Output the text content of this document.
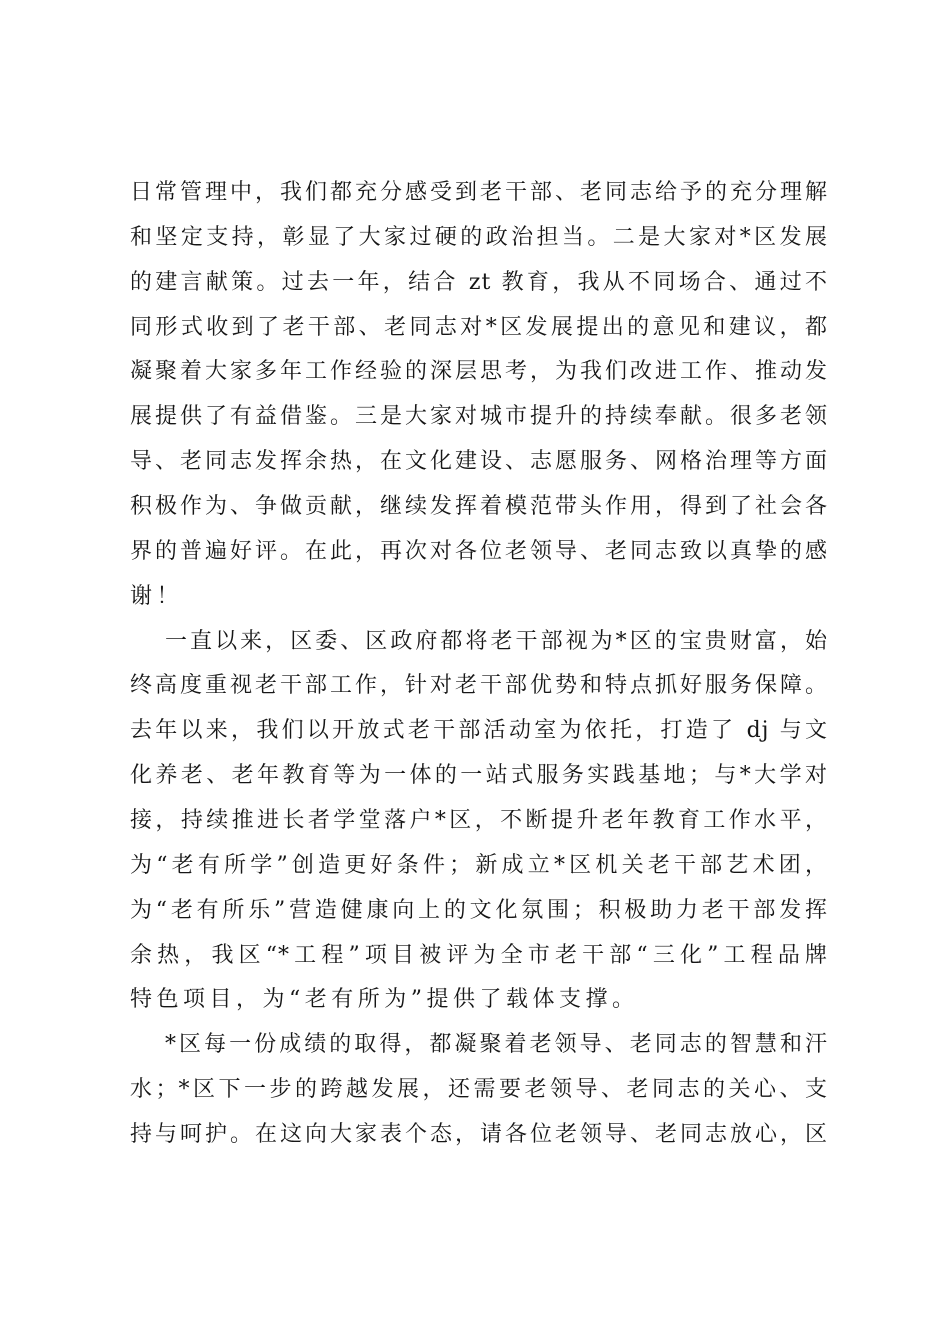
日常管理中，我们都充分感受到老干部、老同志给予的充分理解
和坚定支持，彰显了大家过硬的政治担当。二是大家对*区发展
的建言献策。过去一年，结合 zt 教育，我从不同场合、通过不
同形式收到了老干部、老同志对*区发展提出的意见和建议，都
凝聚着大家多年工作经验的深层思考，为我们改进工作、推动发
展提供了有益借鉴。三是大家对城市提升的持续奉献。很多老领
导、老同志发挥余热，在文化建设、志愿服务、网格治理等方面
积极作为、争做贡献，继续发挥着模范带头作用，得到了社会各
界的普遍好评。在此，再次对各位老领导、老同志致以真挚的感
谢！
一直以来，区委、区政府都将老干部视为*区的宝贵财富，始
终高度重视老干部工作，针对老干部优势和特点抓好服务保障。
去年以来，我们以开放式老干部活动室为依托，打造了 dj 与文
化养老、老年教育等为一体的一站式服务实践基地；与*大学对
接，持续推进长者学堂落户*区，不断提升老年教育工作水平，
为“老有所学”创造更好条件；新成立*区机关老干部艺术团，
为“老有所乐”营造健康向上的文化氛围；积极助力老干部发挥
余热，我区“*工程”项目被评为全市老干部“三化”工程品牌
特色项目，为“老有所为”提供了载体支撑。
*区每一份成绩的取得，都凝聚着老领导、老同志的智慧和汗
水；*区下一步的跨越发展，还需要老领导、老同志的关心、支
持与呵护。在这向大家表个态，请各位老领导、老同志放心，区
